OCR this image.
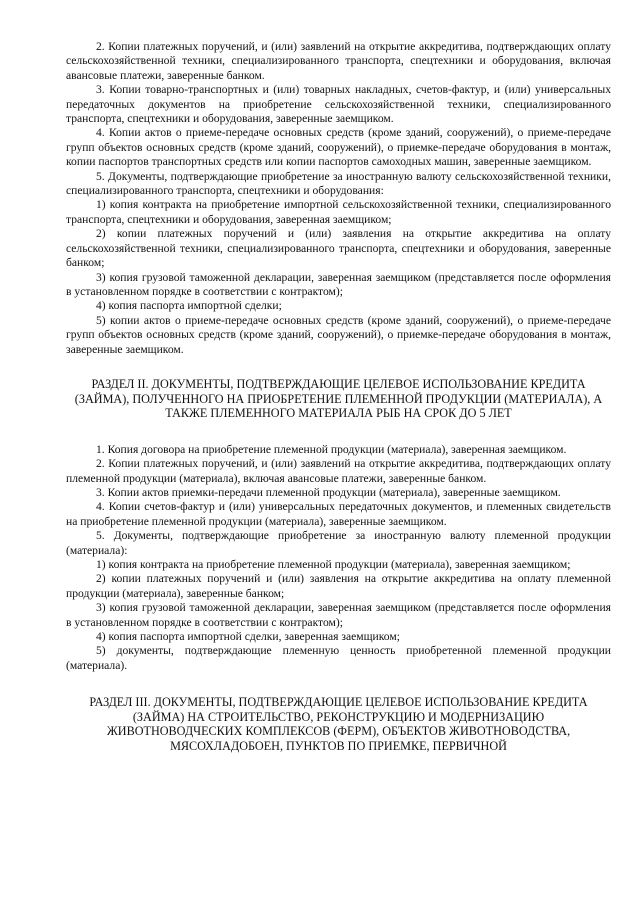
2. Копии платежных поручений, и (или) заявлений на открытие аккредитива, подтверждающих оплату сельскохозяйственной техники, специализированного транспорта, спецтехники и оборудования, включая авансовые платежи, заверенные банком.

3. Копии товарно-транспортных и (или) товарных накладных, счетов-фактур, и (или) универсальных передаточных документов на приобретение сельскохозяйственной техники, специализированного транспорта, спецтехники и оборудования, заверенные заемщиком.

4. Копии актов о приеме-передаче основных средств (кроме зданий, сооружений), о приеме-передаче групп объектов основных средств (кроме зданий, сооружений), о приемке-передаче оборудования в монтаж, копии паспортов транспортных средств или копии паспортов самоходных машин, заверенные заемщиком.

5. Документы, подтверждающие приобретение за иностранную валюту сельскохозяйственной техники, специализированного транспорта, спецтехники и оборудования:

1) копия контракта на приобретение импортной сельскохозяйственной техники, специализированного транспорта, спецтехники и оборудования, заверенная заемщиком;

2) копии платежных поручений и (или) заявления на открытие аккредитива на оплату сельскохозяйственной техники, специализированного транспорта, спецтехники и оборудования, заверенные банком;

3) копия грузовой таможенной декларации, заверенная заемщиком (представляется после оформления в установленном порядке в соответствии с контрактом);

4) копия паспорта импортной сделки;

5) копии актов о приеме-передаче основных средств (кроме зданий, сооружений), о приеме-передаче групп объектов основных средств (кроме зданий, сооружений), о приемке-передаче оборудования в монтаж, заверенные заемщиком.

РАЗДЕЛ II. ДОКУМЕНТЫ, ПОДТВЕРЖДАЮЩИЕ ЦЕЛЕВОЕ ИСПОЛЬЗОВАНИЕ КРЕДИТА (ЗАЙМА), ПОЛУЧЕННОГО НА ПРИОБРЕТЕНИЕ ПЛЕМЕННОЙ ПРОДУКЦИИ (МАТЕРИАЛА), А ТАКЖЕ ПЛЕМЕННОГО МАТЕРИАЛА РЫБ НА СРОК ДО 5 ЛЕТ

1. Копия договора на приобретение племенной продукции (материала), заверенная заемщиком.

2. Копии платежных поручений, и (или) заявлений на открытие аккредитива, подтверждающих оплату племенной продукции (материала), включая авансовые платежи, заверенные банком.

3. Копии актов приемки-передачи племенной продукции (материала), заверенные заемщиком.

4. Копии счетов-фактур и (или) универсальных передаточных документов, и племенных свидетельств на приобретение племенной продукции (материала), заверенные заемщиком.

5. Документы, подтверждающие приобретение за иностранную валюту племенной продукции (материала):

1) копия контракта на приобретение племенной продукции (материала), заверенная заемщиком;

2) копии платежных поручений и (или) заявления на открытие аккредитива на оплату племенной продукции (материала), заверенные банком;

3) копия грузовой таможенной декларации, заверенная заемщиком (представляется после оформления в установленном порядке в соответствии с контрактом);

4) копия паспорта импортной сделки, заверенная заемщиком;

5) документы, подтверждающие племенную ценность приобретенной племенной продукции (материала).

РАЗДЕЛ III. ДОКУМЕНТЫ, ПОДТВЕРЖДАЮЩИЕ ЦЕЛЕВОЕ ИСПОЛЬЗОВАНИЕ КРЕДИТА (ЗАЙМА) НА СТРОИТЕЛЬСТВО, РЕКОНСТРУКЦИЮ И МОДЕРНИЗАЦИЮ ЖИВОТНОВОДЧЕСКИХ КОМПЛЕКСОВ (ФЕРМ), ОБЪЕКТОВ ЖИВОТНОВОДСТВА, МЯСОХЛАДОБОЕН, ПУНКТОВ ПО ПРИЕМКЕ, ПЕРВИЧНОЙ
